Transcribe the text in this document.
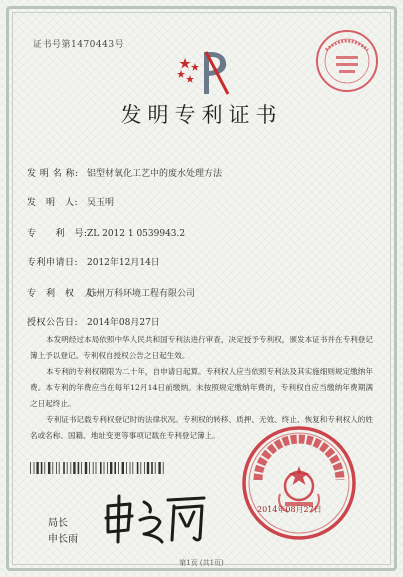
证书号第1470443号
发明专利证书
发 明 名 称: 铝型材氧化工艺中的废水处理方法
发　明　人: 吴玉明
专　　利　号:ZL 2012 1 0539943.2
专利申请日: 2012年12月14日
专　利　权　人:苏州万科环境工程有限公司
授权公告日: 2014年08月27日
本发明经过本局依照中华人民共和国专利法进行审查，决定授予专利权，颁发本证书并在专利登记簿上予以登记。专利权自授权公告之日起生效。
本专利的专利权期限为二十年，自申请日起算。专利权人应当依照专利法及其实施细则规定缴纳年费。本专利的年费应当在每年12月14日前缴纳。未按照规定缴纳年费的，专利权自应当缴纳年费期满之日起终止。
专利证书记载专利权登记时的法律状况。专利权的转移、质押、无效、终止、恢复和专利权人的姓名或名称、国籍、地址变更等事项记载在专利登记簿上。
局长
申长雨
2014年08月27日
第1页 (共1页)
